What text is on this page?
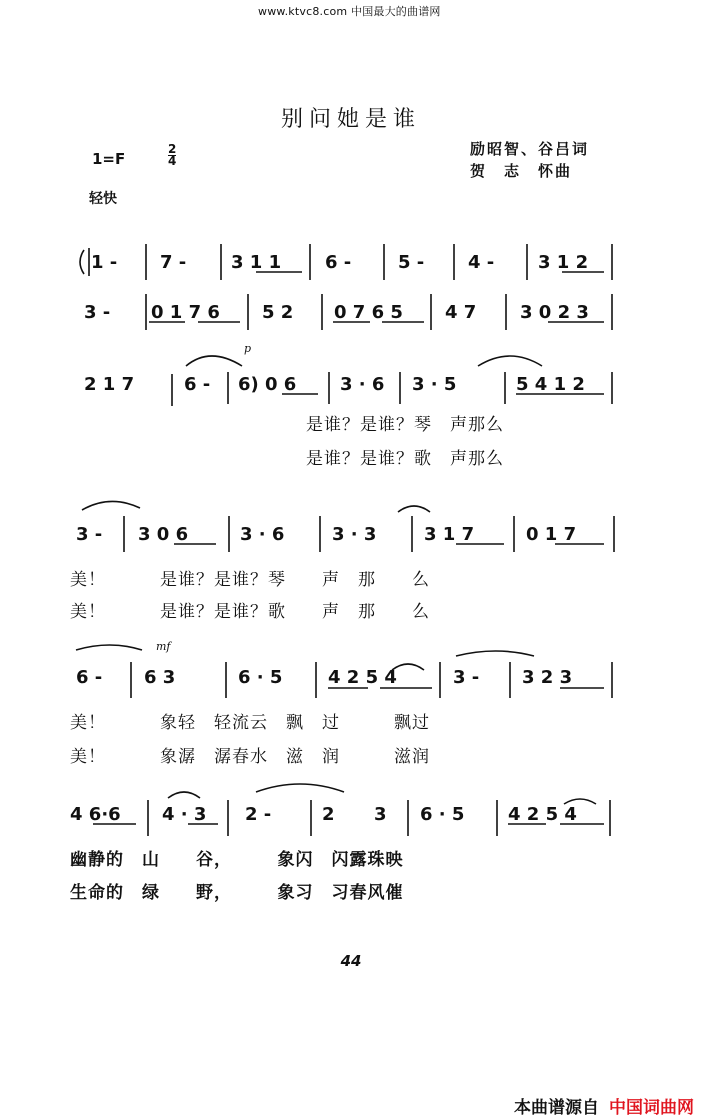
www.ktvc8.com 中国最大的曲谱网
别问她是谁
励昭智、谷吕词
贺　志　怀曲
1=F
2
4
轻快
1 - 7 - 3 1 1 6 -	5 - 4 - 3 1 2
3 - 0 1 7 6 5 2 0 7 6 5 4 7 3 0 2 3
2 1 7
p
6 - 6) 0 6 3 · 6 3 · 5	5 4 1 2
3 - 3 0 6	3 · 6	3 · 3	3 1 7	0 1 7
mf
6 - 6 3	6 · 5	4 2 5 4	3 - 3 2 3
4 6·6 4 · 3 2 -	2 3 6 · 5 4 2 5 4
是谁？是谁？琴　声那么
是谁？是谁？歌　声那么
美！　　　是谁？是谁？琴　　声　那　　么
美！　　　是谁？是谁？歌　　声　那　　么
美！　　　象轻　轻流云　飘　过　　　飘过
美！　　　象潺　潺春水　滋　润　　　滋润
幽静的　山　　谷，　　　象闪　闪露珠映
生命的　绿　　野，　　　象习　习春风催
44
本曲谱源自 中国词曲网
